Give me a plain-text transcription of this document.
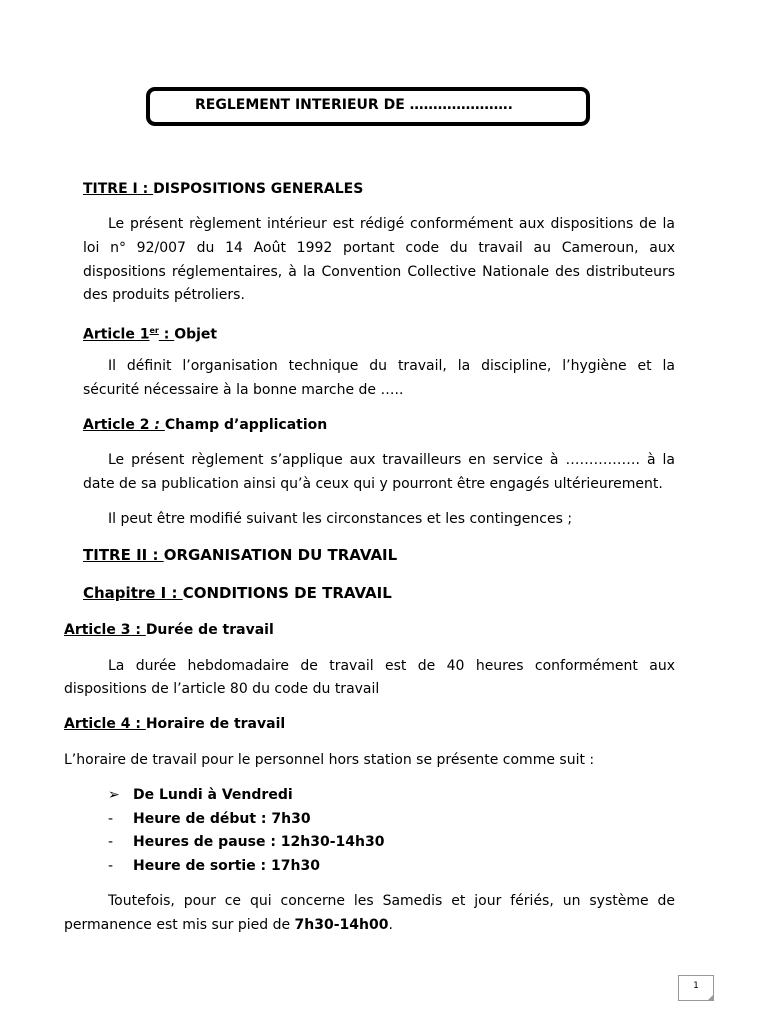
REGLEMENT INTERIEUR DE ………………….
TITRE I : DISPOSITIONS GENERALES
Le présent règlement intérieur est rédigé conformément aux dispositions de la
loi n° 92/007 du 14 Août 1992 portant code du travail au Cameroun, aux
dispositions réglementaires, à la Convention Collective Nationale des distributeurs
des produits pétroliers.
Article 1er : Objet
Il définit l’organisation technique du travail, la discipline, l’hygiène et la
sécurité nécessaire à la bonne marche de …..
Article 2 : Champ d’application
Le présent règlement s’applique aux travailleurs en service à ……………. à la
date de sa publication ainsi qu’à ceux qui y pourront être engagés ultérieurement.
Il peut être modifié suivant les circonstances et les contingences ;
TITRE II : ORGANISATION DU TRAVAIL
Chapitre I : CONDITIONS DE TRAVAIL
Article 3 : Durée de travail
La durée hebdomadaire de travail est de 40 heures conformément aux
dispositions de l’article 80 du code du travail
Article 4 : Horaire de travail
L’horaire de travail pour le personnel hors station se présente comme suit :
➢ De Lundi à Vendredi
- Heure de début : 7h30
- Heures de pause : 12h30-14h30
- Heure de sortie : 17h30
Toutefois, pour ce qui concerne les Samedis et jour fériés, un système de
permanence est mis sur pied de 7h30-14h00.
1
